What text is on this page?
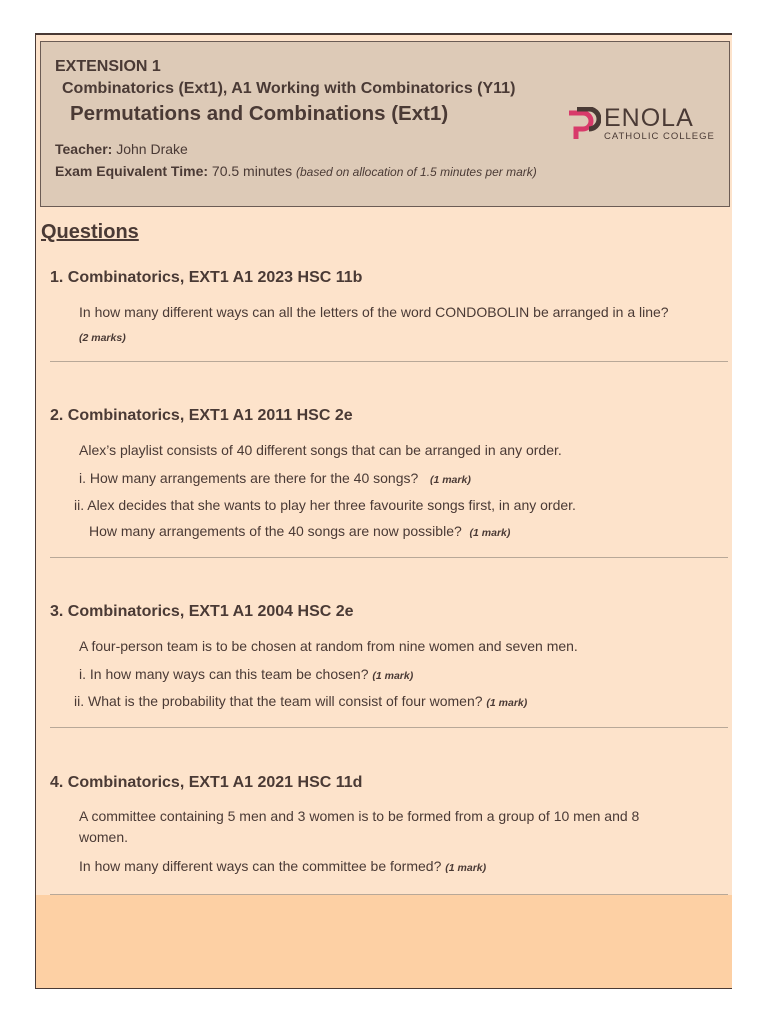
EXTENSION 1
Combinatorics (Ext1), A1 Working with Combinatorics (Y11)
Permutations and Combinations (Ext1)
Teacher: John Drake
Exam Equivalent Time: 70.5 minutes (based on allocation of 1.5 minutes per mark)
ENOLA
CATHOLIC COLLEGE
Questions
1. Combinatorics, EXT1 A1 2023 HSC 11b
In how many different ways can all the letters of the word CONDOBOLIN be arranged in a line?
(2 marks)
2. Combinatorics, EXT1 A1 2011 HSC 2e
Alex’s playlist consists of 40 different songs that can be arranged in any order.
i. How many arrangements are there for the 40 songs? (1 mark)
ii. Alex decides that she wants to play her three favourite songs first, in any order.
How many arrangements of the 40 songs are now possible? (1 mark)
3. Combinatorics, EXT1 A1 2004 HSC 2e
A four-person team is to be chosen at random from nine women and seven men.
i. In how many ways can this team be chosen? (1 mark)
ii. What is the probability that the team will consist of four women? (1 mark)
4. Combinatorics, EXT1 A1 2021 HSC 11d
A committee containing 5 men and 3 women is to be formed from a group of 10 men and 8
women.
In how many different ways can the committee be formed? (1 mark)
